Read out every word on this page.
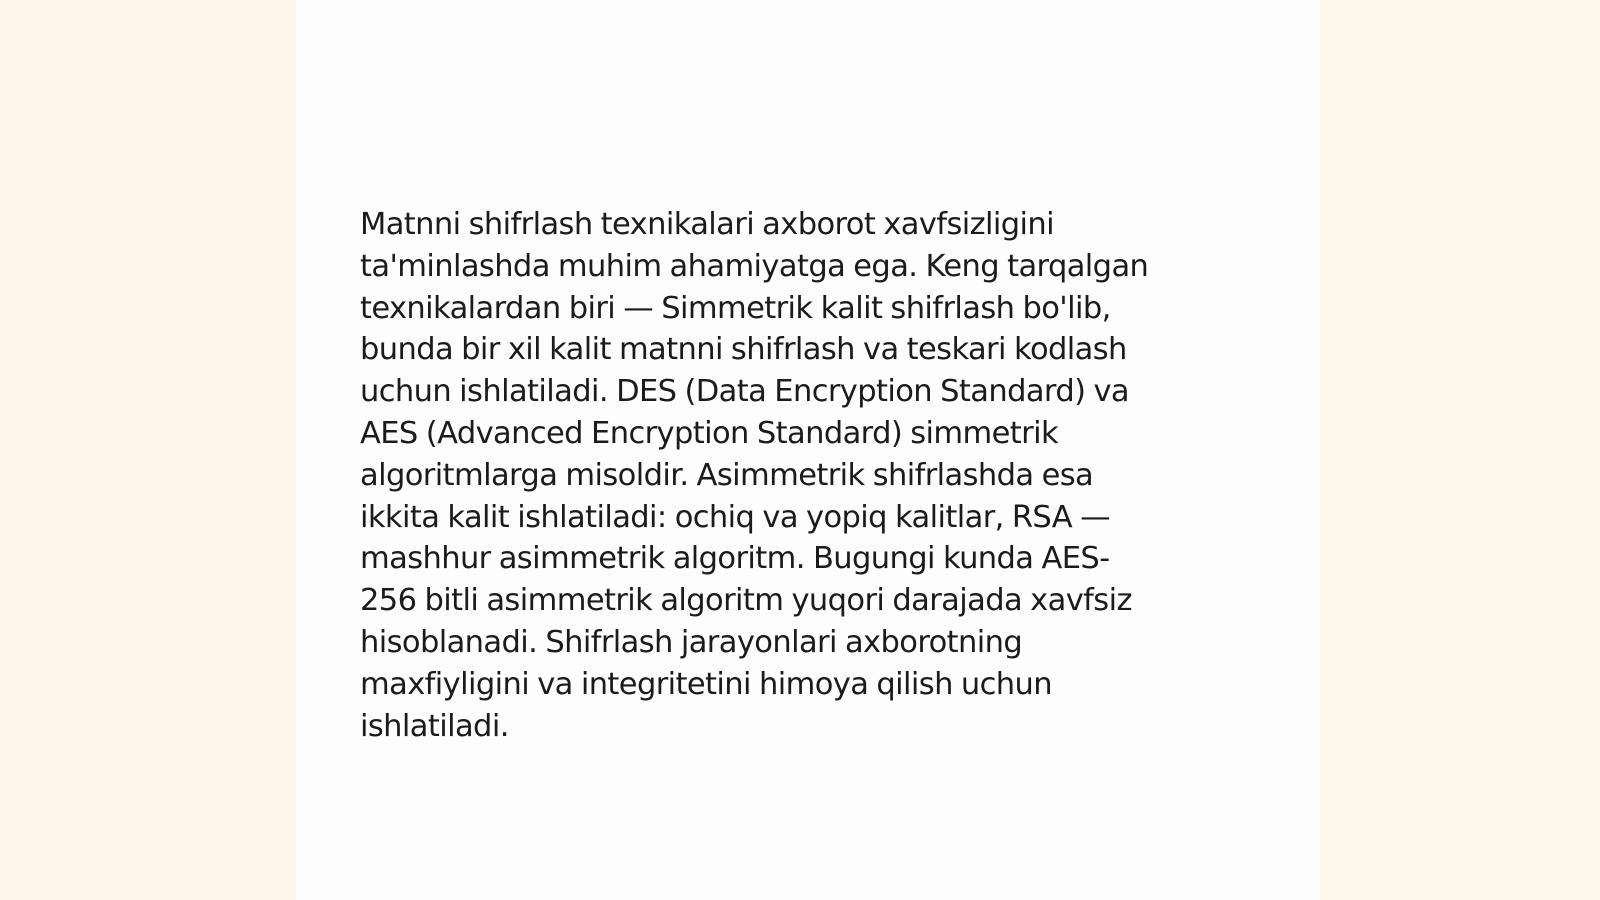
Matnni shifrlash texnikalari axborot xavfsizligini
ta'minlashda muhim ahamiyatga ega. Keng tarqalgan
texnikalardan biri — Simmetrik kalit shifrlash bo'lib,
bunda bir xil kalit matnni shifrlash va teskari kodlash
uchun ishlatiladi. DES (Data Encryption Standard) va
AES (Advanced Encryption Standard) simmetrik
algoritmlarga misoldir. Asimmetrik shifrlashda esa
ikkita kalit ishlatiladi: ochiq va yopiq kalitlar, RSA —
mashhur asimmetrik algoritm. Bugungi kunda AES-
256 bitli asimmetrik algoritm yuqori darajada xavfsiz
hisoblanadi. Shifrlash jarayonlari axborotning
maxfiyligini va integritetini himoya qilish uchun
ishlatiladi.
